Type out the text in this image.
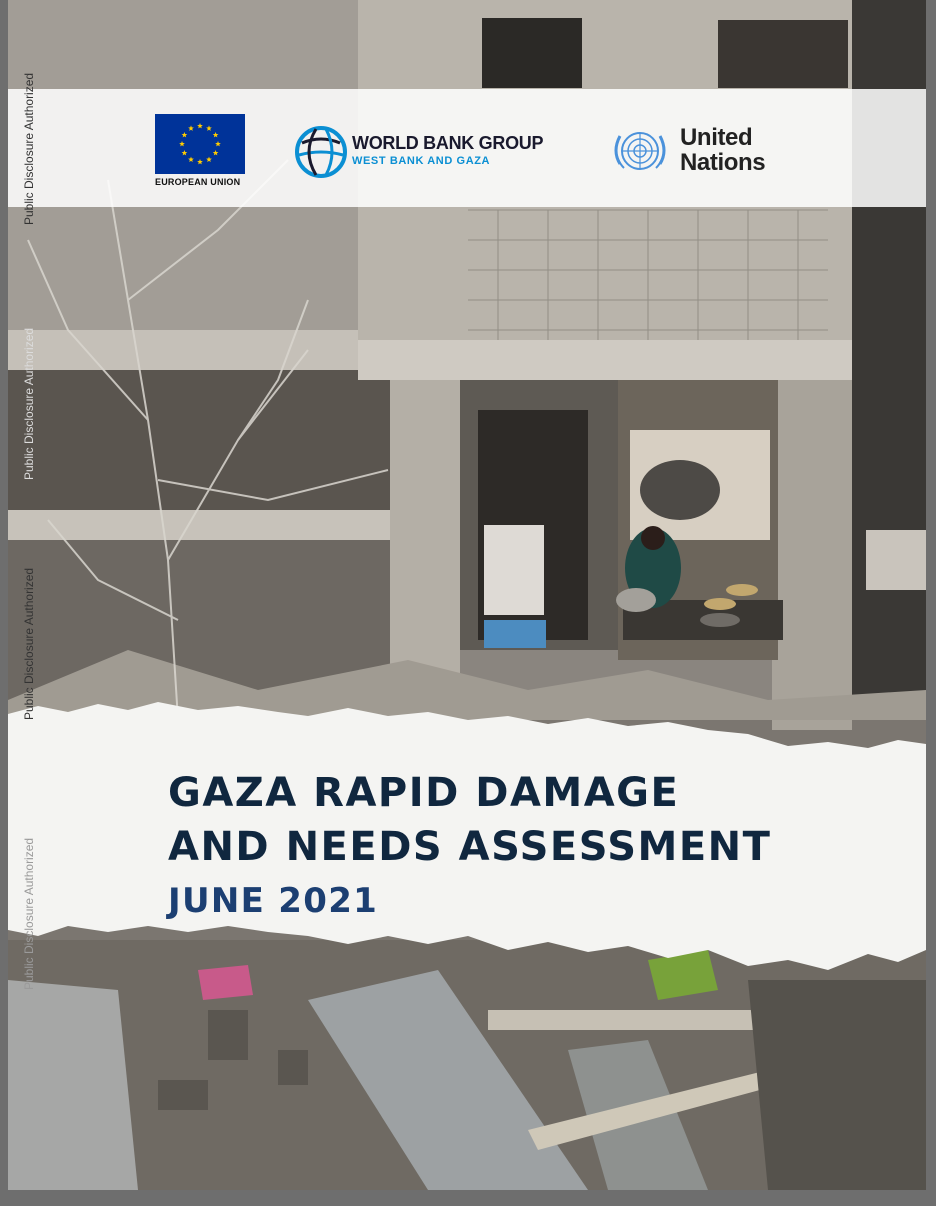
EUROPEAN UNION
WORLD BANK GROUP
WEST BANK AND GAZA
United
Nations
GAZA RAPID DAMAGE
AND NEEDS ASSESSMENT
JUNE 2021
Public Disclosure Authorized
Public Disclosure Authorized
Public Disclosure Authorized
Public Disclosure Authorized
